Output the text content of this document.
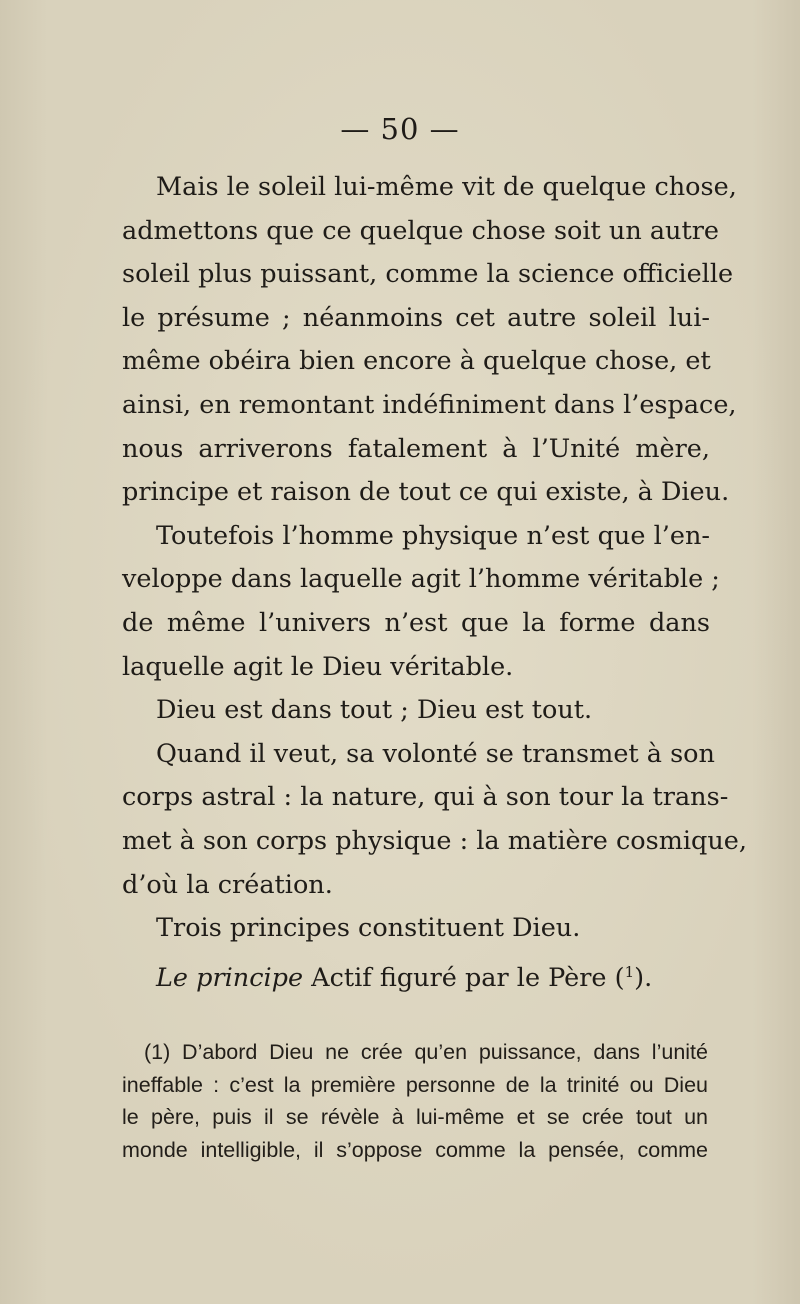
— 50 —
Mais le soleil lui-même vit de quelque chose,
admettons que ce quelque chose soit un autre
soleil plus puissant, comme la science officielle
le présume ; néanmoins cet autre soleil lui-
même obéira bien encore à quelque chose, et
ainsi, en remontant indéfiniment dans l’espace,
nous arriverons fatalement à l’Unité mère,
principe et raison de tout ce qui existe, à Dieu.
Toutefois l’homme physique n’est que l’en-
veloppe dans laquelle agit l’homme véritable ;
de même l’univers n’est que la forme dans
laquelle agit le Dieu véritable.
Dieu est dans tout ; Dieu est tout.
Quand il veut, sa volonté se transmet à son
corps astral : la nature, qui à son tour la trans-
met à son corps physique : la matière cosmique,
d’où la création.
Trois principes constituent Dieu.
Le principe Actif figuré par le Père ($^1$).
(1) D’abord Dieu ne crée qu’en puissance, dans l’unité
ineffable : c’est la première personne de la trinité ou Dieu
le père, puis il se révèle à lui-même et se crée tout un
monde intelligible, il s’oppose comme la pensée, comme
